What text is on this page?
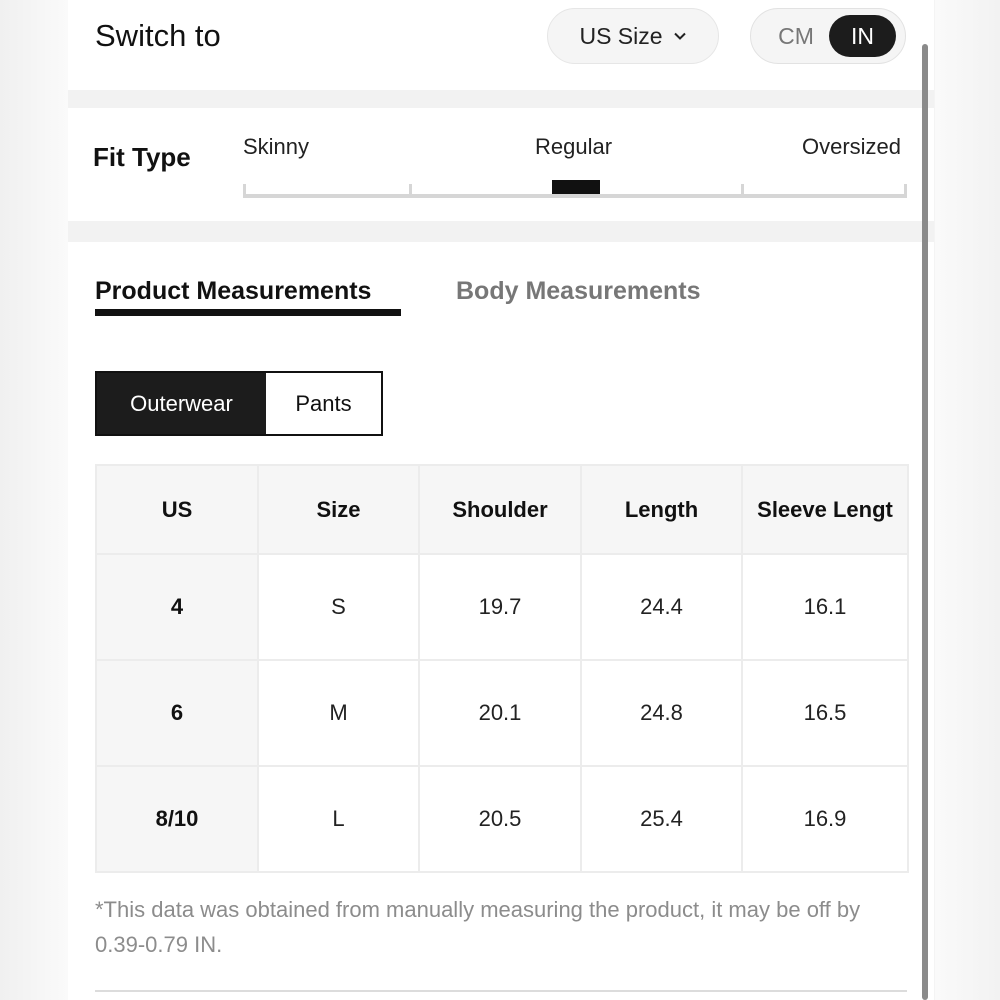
Switch to	US Size	CM	IN
Fit Type Skinny	Regular	Oversized
Product Measurements	Body Measurements
Outerwear	Pants
US	Size	Shoulder	Length	Sleeve Lengt
4	S	19.7	24.4	16.1
6	M	20.1	24.8	16.5
8/10	L	20.5	25.4	16.9
*This data was obtained from manually measuring the product, it may be off by 0.39-0.79 IN.
